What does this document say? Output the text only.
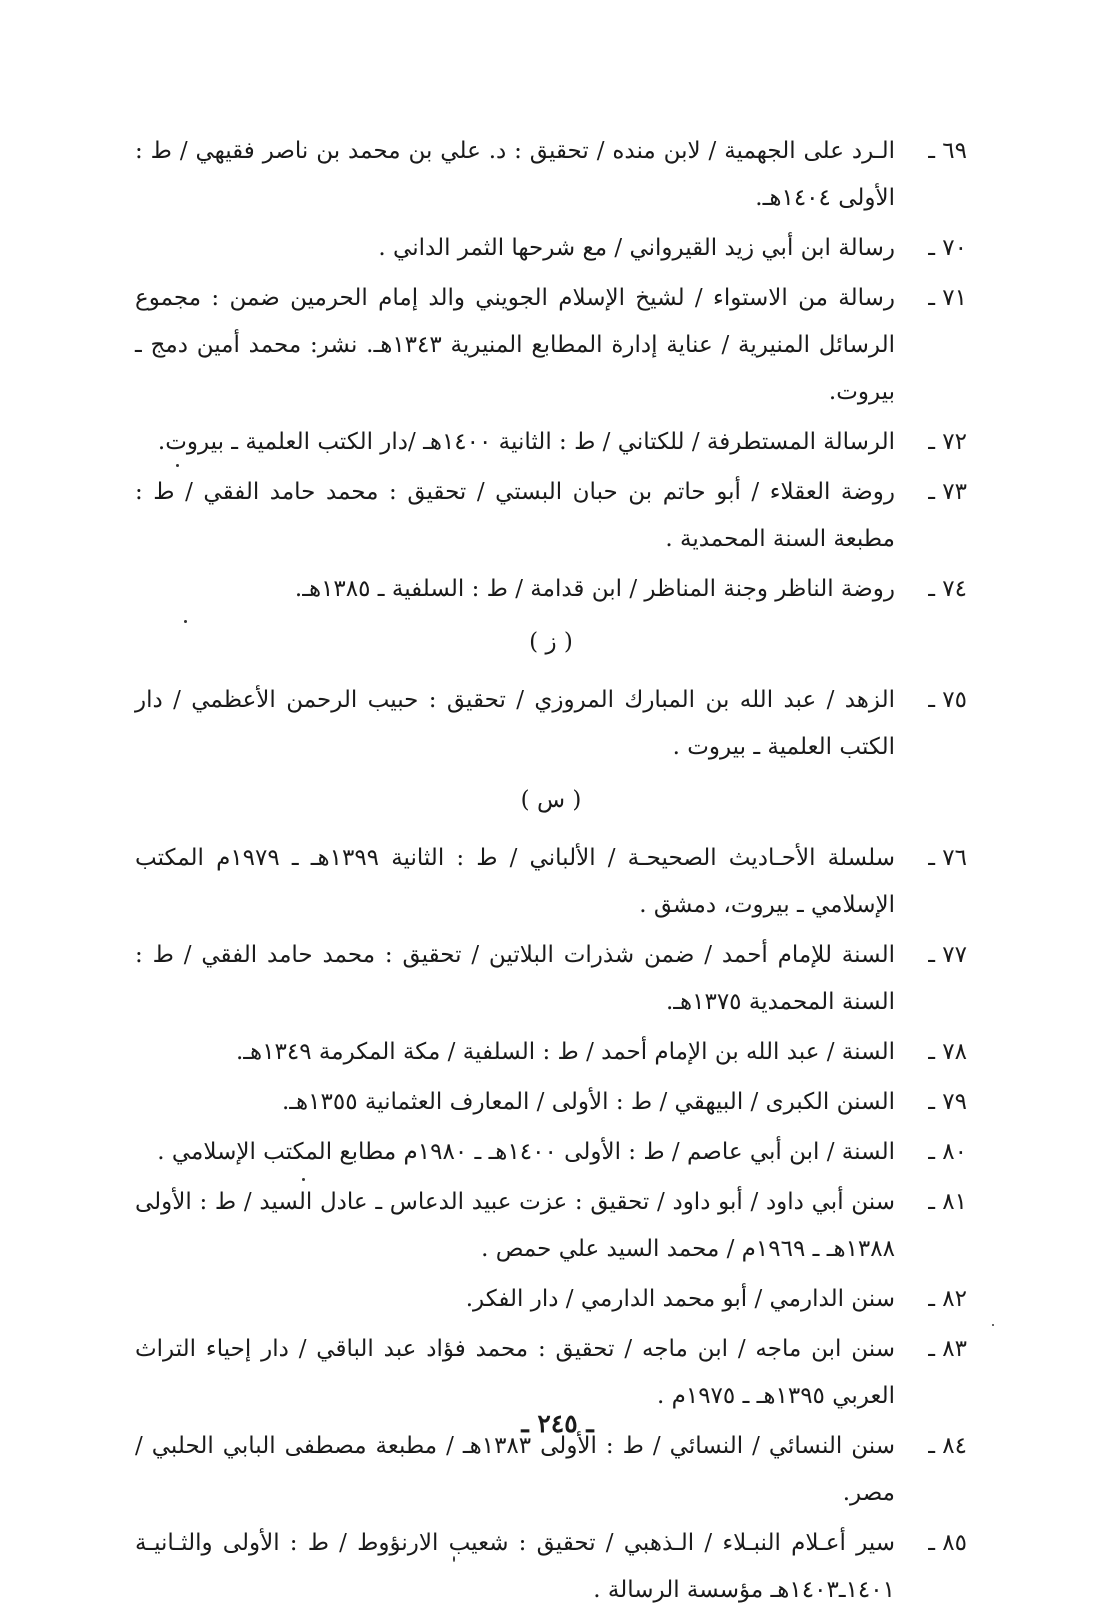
٦٩ ـ
الـرد على الجهمية / لابن منده / تحقيق : د. علي بن محمد بن ناصر فقيهي / ط : الأولى ١٤٠٤هـ.
٧٠ ـ
رسالة ابن أبي زيد القيرواني / مع شرحها الثمر الداني .
٧١ ـ
رسالة من الاستواء / لشيخ الإسلام الجويني والد إمام الحرمين ضمن : مجموع الرسائل المنيرية / عناية إدارة المطابع المنيرية ١٣٤٣هـ. نشر: محمد أمين دمج ـ بيروت.
٧٢ ـ
الرسالة المستطرفة / للكتاني / ط : الثانية ١٤٠٠هـ /دار الكتب العلمية ـ بيروت.
٧٣ ـ
روضة العقلاء / أبو حاتم بن حبان البستي / تحقيق : محمد حامد الفقي / ط : مطبعة السنة المحمدية .
٧٤ ـ
روضة الناظر وجنة المناظر / ابن قدامة / ط : السلفية ـ ١٣٨٥هـ.
( ز )
٧٥ ـ
الزهد / عبد الله بن المبارك المروزي / تحقيق : حبيب الرحمن الأعظمي / دار الكتب العلمية ـ بيروت .
( س )
٧٦ ـ
سلسلة الأحـاديث الصحيحـة / الألباني / ط : الثانية ١٣٩٩هـ ـ ١٩٧٩م المكتب الإسلامي ـ بيروت، دمشق .
٧٧ ـ
السنة للإمام أحمد / ضمن شذرات البلاتين / تحقيق : محمد حامد الفقي / ط : السنة المحمدية ١٣٧٥هـ.
٧٨ ـ
السنة / عبد الله بن الإمام أحمد / ط : السلفية / مكة المكرمة ١٣٤٩هـ.
٧٩ ـ
السنن الكبرى / البيهقي / ط : الأولى / المعارف العثمانية ١٣٥٥هـ.
٨٠ ـ
السنة / ابن أبي عاصم / ط : الأولى ١٤٠٠هـ ـ ١٩٨٠م مطابع المكتب الإسلامي .
٨١ ـ
سنن أبي داود / أبو داود / تحقيق : عزت عبيد الدعاس ـ عادل السيد / ط : الأولى ١٣٨٨هـ ـ ١٩٦٩م / محمد السيد علي حمص .
٨٢ ـ
سنن الدارمي / أبو محمد الدارمي / دار الفكر.
٨٣ ـ
سنن ابن ماجه / ابن ماجه / تحقيق : محمد فؤاد عبد الباقي / دار إحياء التراث العربي ١٣٩٥هـ ـ ١٩٧٥م .
٨٤ ـ
سنن النسائي / النسائي / ط : الأولى ١٣٨٣هـ / مطبعة مصطفى البابي الحلبي / مصر.
٨٥ ـ
سير أعـلام النبـلاء / الـذهبي / تحقيق : شعيب الارنؤوط / ط : الأولى والثـانيـة ١٤٠١ـ١٤٠٣هـ مؤسسة الرسالة .
ـ ٢٤٥ ـ
